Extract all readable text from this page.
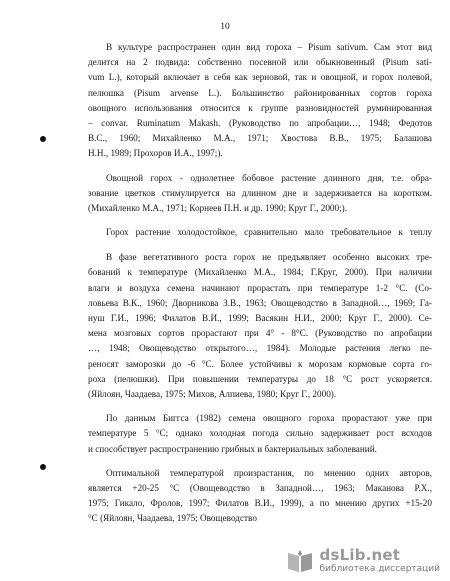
10
В культуре распространен один вид гороха – Pisum sativum. Сам этот вид
делится на 2 подвида: собственно посевной или обыкновенный (Pisum sati-
vum L.), который включает в себя как зерновой, так и овощной, и горох полевой,
пелюшка (Pisum arvense L.). Большинство районированных сортов гороха
овощного использования относится к группе разновидностей руминированная
– convar. Ruminatum Makash. (Руководство по апробации…, 1948; Федотов
В.С., 1960; Михайленко М.А., 1971; Хвостова В.В., 1975; Балашова
Н.Н., 1989; Прохоров И.А., 1997;).
Овощной горох - однолетнее бобовое растение длинного дня, т.е. обра-
зование цветков стимулируется на длинном дне и задерживается на коротком.
(Михайленко М.А., 1971; Корнеев П.Н. и др. 1990; Круг Г., 2000;).
Горох растение холодостойкое, сравнительно мало требовательное к теплу
В фазе вегетативного роста горох не предъявляет особенно высоких тре-
бований к температуре (Михайленко М.А., 1984; Г.Круг, 2000). При наличии
влаги и воздуха семена начинают прорастать при температуре 1-2 °С. (Со-
ловьева В.К., 1960; Дворникова З.В., 1963; Овощеводство в Западной…, 1969; Га-
нуш Г.И., 1996; Филатов В.И., 1999; Васякин Н.И., 2000; Круг Г., 2000). Се-
мена мозговых сортов прорастают при 4° - 8°С. (Руководство по апробации
…, 1948; Овощеводство открытого…, 1984). Молодые растения легко пе-
реносят заморозки до -6 °С. Более устойчивы к морозам кормовые сорта го-
роха (пелюшки). При повышении температуры до 18 °С рост ускоряется.
(Яйлоян, Чаадаева, 1975; Михов, Алпиева, 1980; Круг Г., 2000).
По данным Биггса (1982) семена овощного гороха прорастают уже при
температуре 5 °С; однако холодная погода сильно задерживает рост всходов
и способствует распространению грибных и бактериальных заболеваний.
Оптимальной температурой произрастания, по мнению одних авторов,
является +20-25 °С (Овощеводство в Западной…, 1963; Маканова Р.Х.,
1975; Гикало, Фролов, 1997; Филатов В.И., 1999), а по мнению других +15-20
°С (Яйлоян, Чаадаева, 1975; Овощеводство
dsLib.net
библиотека диссертаций
